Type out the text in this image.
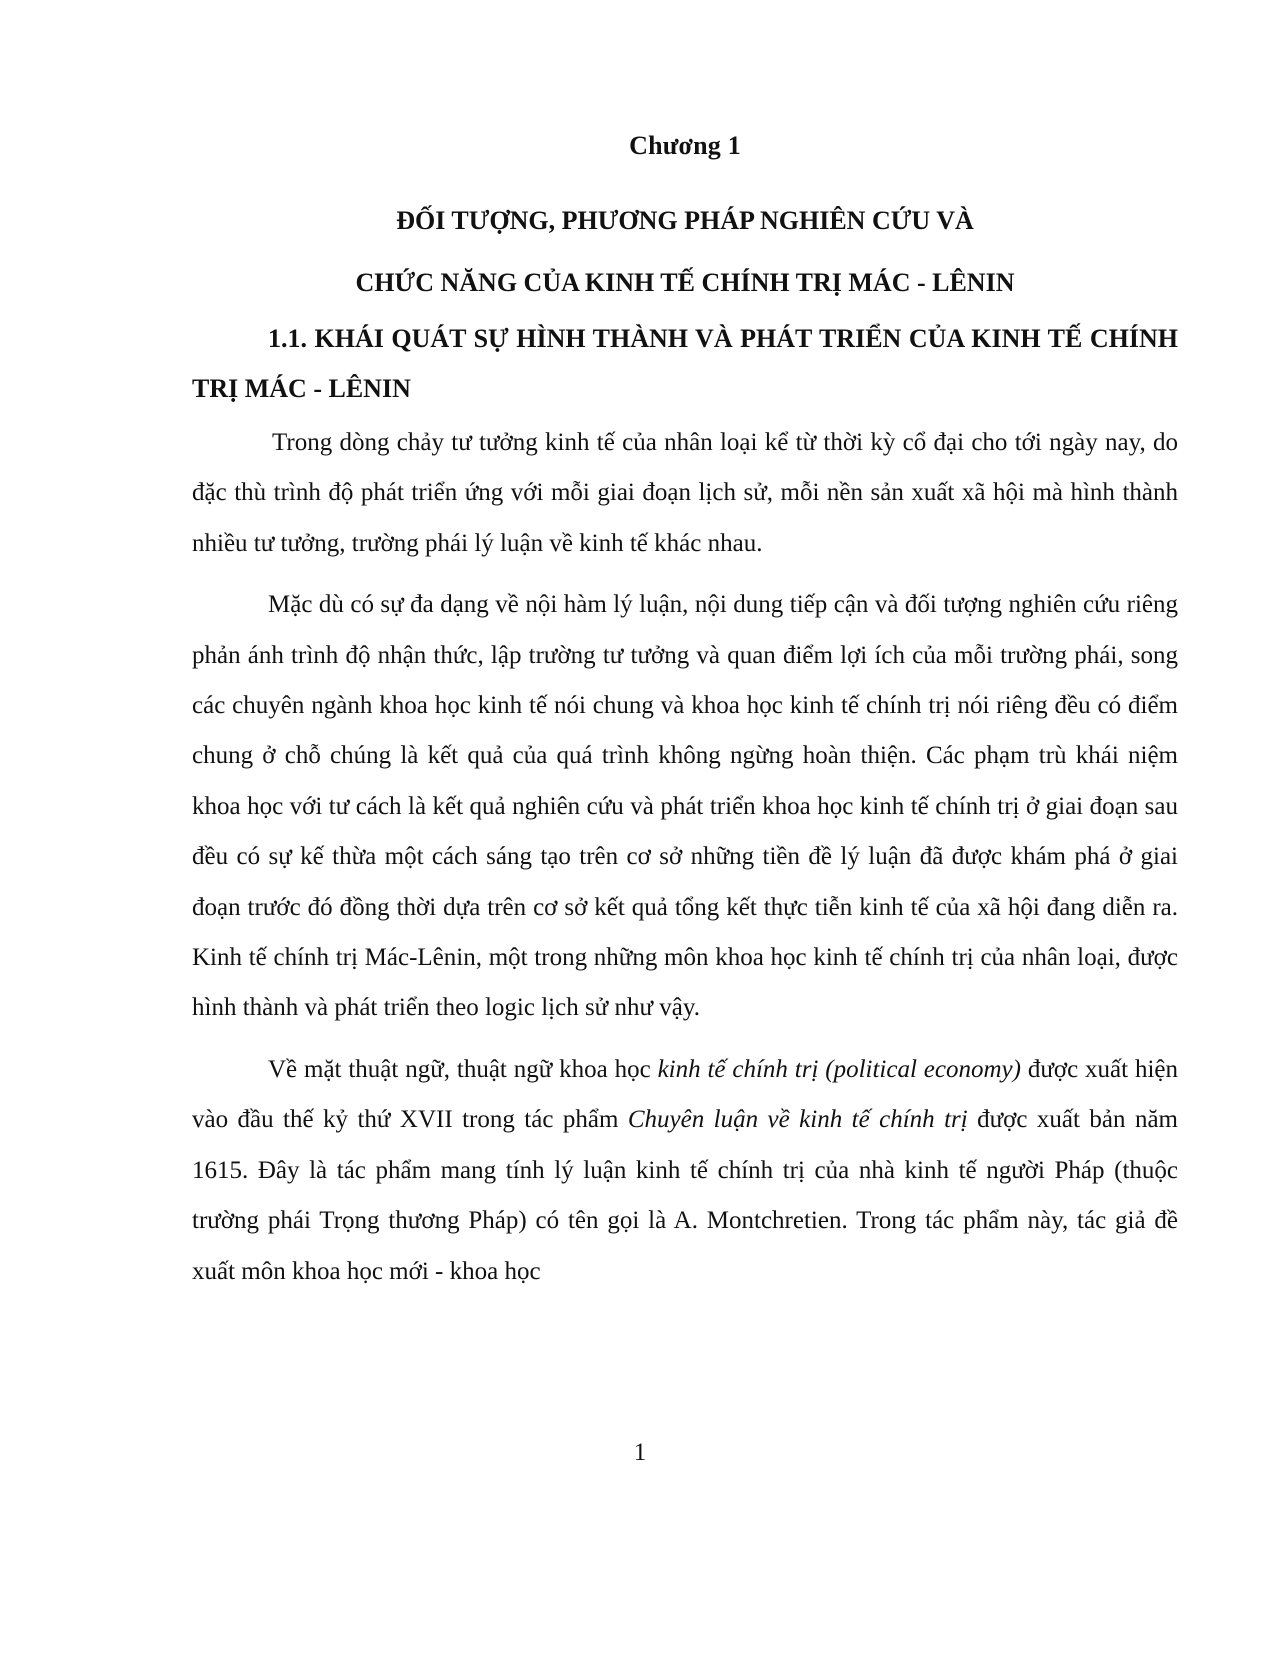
Chương 1
ĐỐI TƯỢNG, PHƯƠNG PHÁP NGHIÊN CỨU VÀ
CHỨC NĂNG CỦA KINH TẾ CHÍNH TRỊ MÁC - LÊNIN
1.1. KHÁI QUÁT SỰ HÌNH THÀNH VÀ PHÁT TRIỂN CỦA KINH TẾ CHÍNH TRỊ MÁC - LÊNIN

Trong dòng chảy tư tưởng kinh tế của nhân loại kể từ thời kỳ cổ đại cho tới ngày nay, do đặc thù trình độ phát triển ứng với mỗi giai đoạn lịch sử, mỗi nền sản xuất xã hội mà hình thành nhiều tư tưởng, trường phái lý luận về kinh tế khác nhau.

Mặc dù có sự đa dạng về nội hàm lý luận, nội dung tiếp cận và đối tượng nghiên cứu riêng phản ánh trình độ nhận thức, lập trường tư tưởng và quan điểm lợi ích của mỗi trường phái, song các chuyên ngành khoa học kinh tế nói chung và khoa học kinh tế chính trị nói riêng đều có điểm chung ở chỗ chúng là kết quả của quá trình không ngừng hoàn thiện. Các phạm trù khái niệm khoa học với tư cách là kết quả nghiên cứu và phát triển khoa học kinh tế chính trị ở giai đoạn sau đều có sự kế thừa một cách sáng tạo trên cơ sở những tiền đề lý luận đã được khám phá ở giai đoạn trước đó đồng thời dựa trên cơ sở kết quả tổng kết thực tiễn kinh tế của xã hội đang diễn ra. Kinh tế chính trị Mác-Lênin, một trong những môn khoa học kinh tế chính trị của nhân loại, được hình thành và phát triển theo logic lịch sử như vậy.

Về mặt thuật ngữ, thuật ngữ khoa học kinh tế chính trị (political economy) được xuất hiện vào đầu thế kỷ thứ XVII trong tác phẩm Chuyên luận về kinh tế chính trị được xuất bản năm 1615. Đây là tác phẩm mang tính lý luận kinh tế chính trị của nhà kinh tế người Pháp (thuộc trường phái Trọng thương Pháp) có tên gọi là A. Montchretien. Trong tác phẩm này, tác giả đề xuất môn khoa học mới - khoa học

1
